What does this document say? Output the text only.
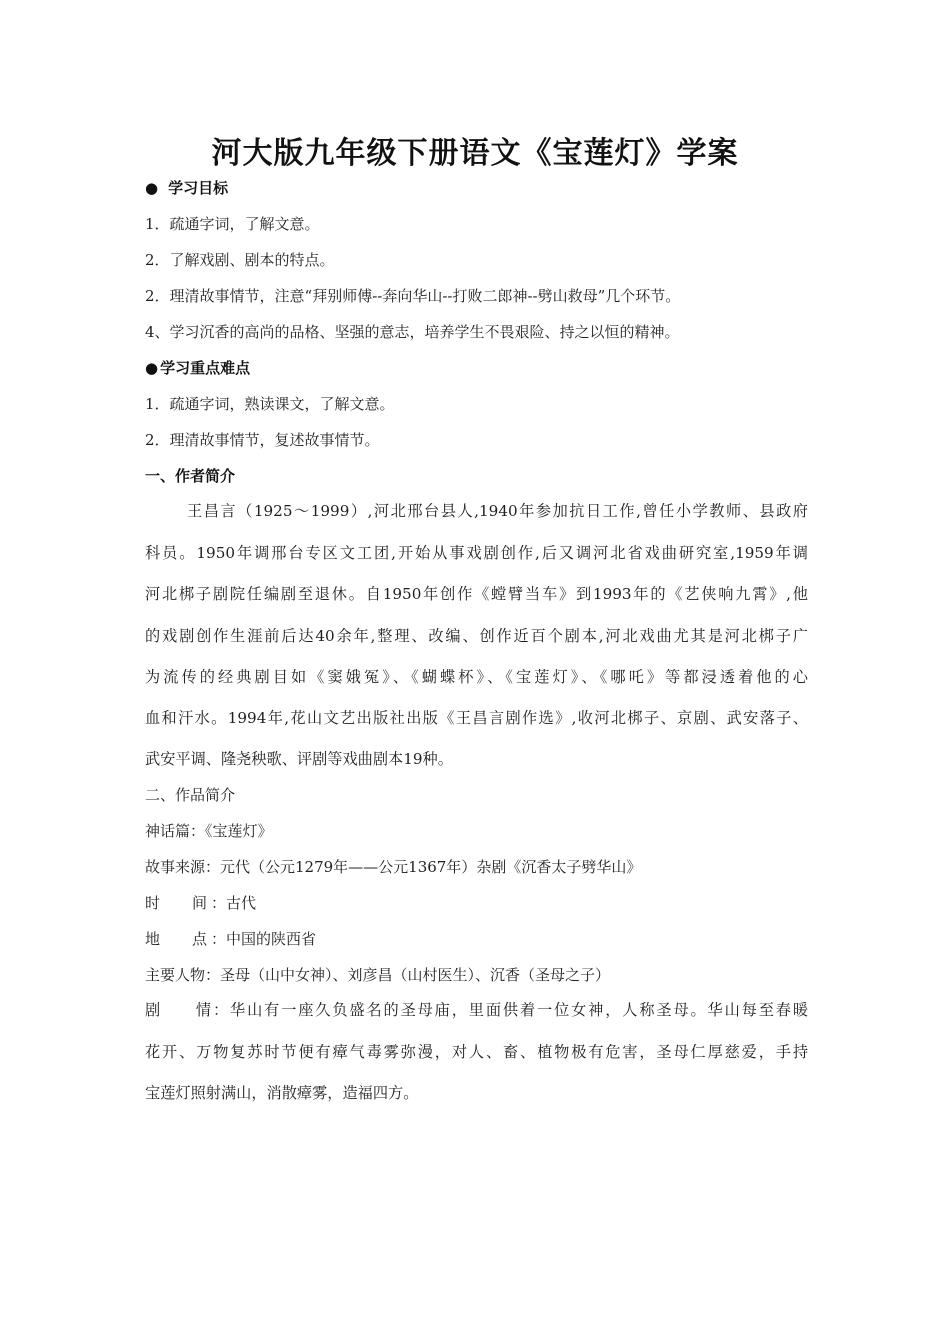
河大版九年级下册语文《宝莲灯》学案
● 学习目标
1．疏通字词，了解文意。
2．了解戏剧、剧本的特点。
2．理清故事情节，注意“拜别师傅--奔向华山--打败二郎神--劈山救母”几个环节。
4、学习沉香的高尚的品格、坚强的意志，培养学生不畏艰险、持之以恒的精神。
● 学习重点难点
1．疏通字词，熟读课文，了解文意。
2．理清故事情节，复述故事情节。
一、作者简介
王昌言（1925～1999）,河北邢台县人,1940年参加抗日工作,曾任小学教师、县政府
科员。1950年调邢台专区文工团,开始从事戏剧创作,后又调河北省戏曲研究室,1959年调
河北梆子剧院任编剧至退休。自1950年创作《螳臂当车》到1993年的《艺侠响九霄》,他
的戏剧创作生涯前后达40余年,整理、改编、创作近百个剧本,河北戏曲尤其是河北梆子广
为流传的经典剧目如《窦娥冤》、《蝴蝶杯》、《宝莲灯》、《哪吒》等都浸透着他的心
血和汗水。1994年,花山文艺出版社出版《王昌言剧作选》,收河北梆子、京剧、武安落子、
武安平调、隆尧秧歌、评剧等戏曲剧本19种。
二、作品简介
神话篇：《宝莲灯》
故事来源：元代（公元1279年——公元1367年）杂剧《沉香太子劈华山》
时 间 ：古代
地 点 ：中国的陕西省
主要人物：圣母（山中女神）、刘彦昌（山村医生）、沉香（圣母之子）
剧 情：华山有一座久负盛名的圣母庙，里面供着一位女神，人称圣母。华山每至春暖
花开、万物复苏时节便有瘴气毒雾弥漫，对人、畜、植物极有危害，圣母仁厚慈爱，手持
宝莲灯照射满山，消散瘴雾，造福四方。
